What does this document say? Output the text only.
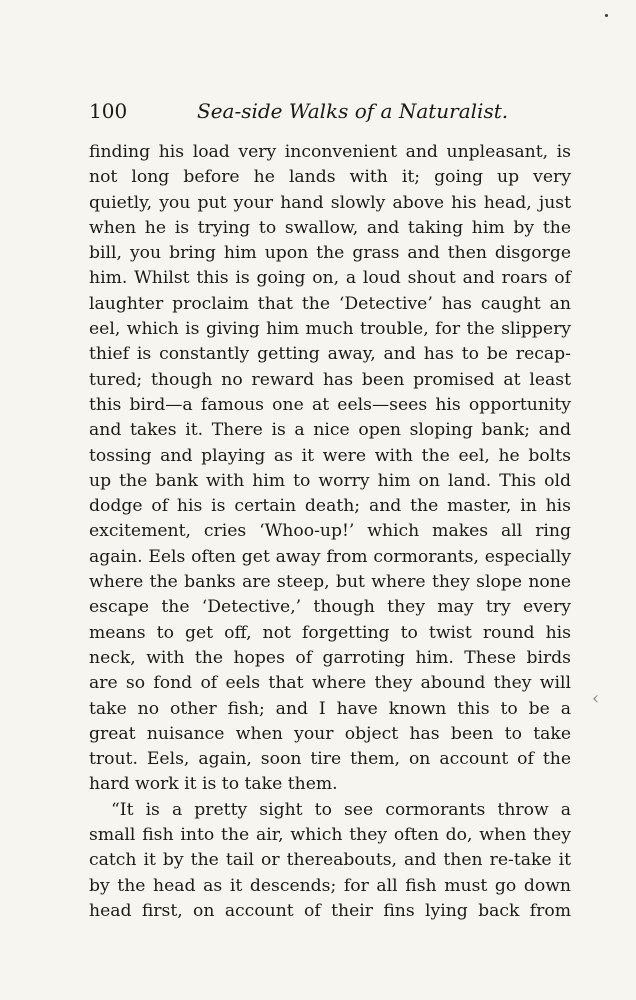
‹
100	Sea-side Walks of a Naturalist.
finding his load very inconvenient and unpleasant, is
not long before he lands with it; going up very
quietly, you put your hand slowly above his head, just
when he is trying to swallow, and taking him by the
bill, you bring him upon the grass and then disgorge
him. Whilst this is going on, a loud shout and roars of
laughter proclaim that the ‘Detective’ has caught an
eel, which is giving him much trouble, for the slippery
thief is constantly getting away, and has to be recap-
tured; though no reward has been promised at least
this bird—a famous one at eels—sees his opportunity
and takes it. There is a nice open sloping bank; and
tossing and playing as it were with the eel, he bolts
up the bank with him to worry him on land. This old
dodge of his is certain death; and the master, in his
excitement, cries ‘Whoo-up!’ which makes all ring
again. Eels often get away from cormorants, especially
where the banks are steep, but where they slope none
escape the ‘Detective,’ though they may try every
means to get off, not forgetting to twist round his
neck, with the hopes of garroting him. These birds
are so fond of eels that where they abound they will
take no other fish; and I have known this to be a
great nuisance when your object has been to take
trout. Eels, again, soon tire them, on account of the
hard work it is to take them.
“It is a pretty sight to see cormorants throw a
small fish into the air, which they often do, when they
catch it by the tail or thereabouts, and then re-take it
by the head as it descends; for all fish must go down
head first, on account of their fins lying back from
